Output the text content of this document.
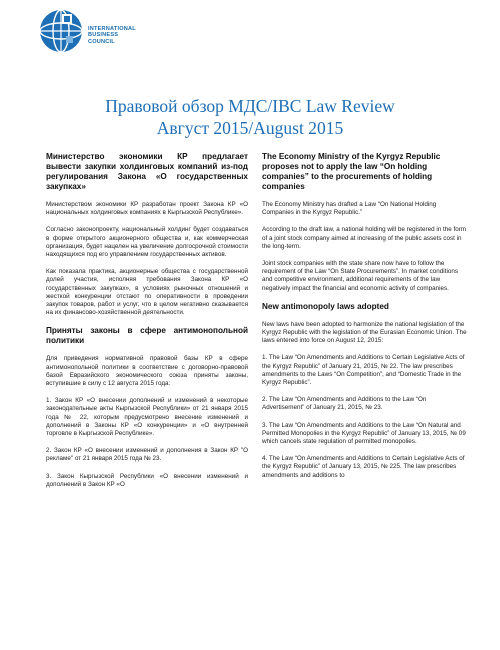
INTERNATIONAL
BUSINESS
COUNCIL
Правовой обзор МДС/IBC Law Review
Август 2015/August 2015
Министерство экономики КР предлагает вывести закупки холдинговых компаний из-под регулирования Закона «О государственных закупках»

Министерством экономики КР разработан проект Закона КР «О национальных холдинговых компаниях в Кыргызской Республике».

Согласно законопроекту, национальный холдинг будет создаваться в форме открытого акционерного общества и, как коммерческая организация, будет нацелен на увеличение долгосрочной стоимости находящихся под его управлением государственных активов.

Как показала практика, акционерные общества с государственной долей участия, исполняя требования Закона КР «О государственных закупках», в условиях рыночных отношений и жесткой конкуренции отстают по оперативности в проведении закупок товаров, работ и услуг, что в целом негативно сказывается на их финансово-хозяйственной деятельности.

Приняты законы в сфере антимонопольной политики

Для приведения нормативной правовой базы КР в сфере антимонопольной политики в соответствие с договорно-правовой базой Евразийского экономического союза приняты законы, вступившие в силу с 12 августа 2015 года:

1. Закон КР «О внесении дополнений и изменений в некоторые законодательные акты Кыргызской Республики» от 21 января 2015 года № 22, которым предусмотрено внесение изменений и дополнений в Законы КР «О конкуренции» и «О внутренней торговле в Кыргызской Республике».

2. Закон КР «О внесении изменений и дополнения в Закон КР "О рекламе" от 21 января 2015 года № 23.

3. Закон Кыргызской Республики «О внесении изменений и дополнений в Закон КР «О

The Economy Ministry of the Kyrgyz Republic proposes not to apply the law “On holding companies” to the procurements of holding companies

The Economy Ministry has drafted a Law “On National Holding Companies in the Kyrgyz Republic.”

According to the draft law, a national holding will be registered in the form of a joint stock company aimed at increasing of the public assets cost in the long-term.

Joint stock companies with the state share now have to follow the requirement of the Law “On State Procurements”. In market conditions and competitive environment, additional requirements of the law negatively impact the financial and economic activity of companies.

New antimonopoly laws adopted

New laws have been adopted to harmonize the national legislation of the Kyrgyz Republic with the legislation of the Eurasian Economic Union. The laws entered into force on August 12, 2015:

1. The Law “On Amendments and Additions to Certain Legislative Acts of the Kyrgyz Republic” of January 21, 2015, № 22. The law prescribes amendments to the Laws “On Competition”, and “Domestic Trade in the Kyrgyz Republic”.

2. The Law “On Amendments and Additions to the Law “On Advertisement” of January 21, 2015, № 23.

3. The Law “On Amendments and Additions to the Law “On Natural and Permitted Monopolies in the Kyrgyz Republic” of January 13, 2015, № 09 which cancels state regulation of permitted monopolies.

4. The Law “On Amendments and Additions to Certain Legislative Acts of the Kyrgyz Republic” of January 13, 2015, № 225. The law prescribes amendments and additions to
